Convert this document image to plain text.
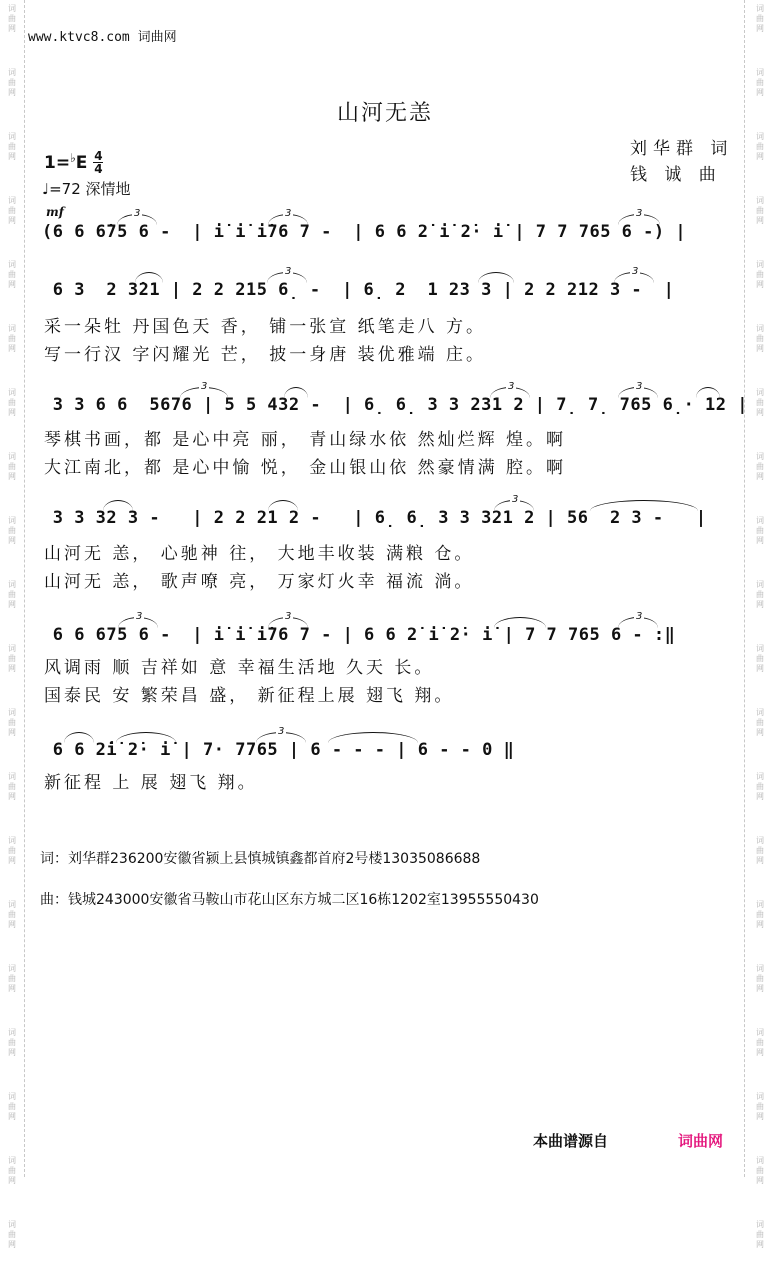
词
曲
网
词
曲
网
词
曲
网
词
曲
网
词
曲
网
词
曲
网
词
曲
网
词
曲
网
词
曲
网
词
曲
网
词
曲
网
词
曲
网
词
曲
网
词
曲
网
词
曲
网
词
曲
网
词
曲
网
词
曲
网
词
曲
网
词
曲
网
词
曲
网
词
曲
网
词
曲
网
词
曲
网
词
曲
网
词
曲
网
词
曲
网
词
曲
网
词
曲
网
词
曲
网
词
曲
网
词
曲
网
词
曲
网
词
曲
网
词
曲
网
词
曲
网
词
曲
网
词
曲
网
词
曲
网
词
曲
网
www.ktvc8.com 词曲网
山河无恙
刘华群 词
钱 诚 曲
1= ♭ E 4
4
♩=72 深情地
mf
(6 6 6̇75 6 -  | i̇ i̇ i̇76 7 -  | 6 6 2̇ i̇ 2̇· i̇ | 7 7 765 6 -) |
6 3  2 3̇21 | 2 2 215 6̣ -  | 6̣ 2  1 23 3 | 2 2 212 3 -  |
3 3 6 6  5676 | 5 5 432 -  | 6̣ 6̣ 3 3 231 2 | 7̣ 7̣ 765 6̣· 12 |
3 3 32 3 -   | 2 2 21 2 -   | 6̣ 6̣ 3 3 321 2 | 56  2 3 -   |
6 6 675 6 -  | i̇ i̇ i̇76 7 - | 6 6 2̇ i̇ 2̇· i̇ | 7 7 765 6 - :‖
6 6 2̇i̇ 2̇· i̇ | 7· 7765 | 6 - - - | 6 - - 0 ‖
3	3	3
3	3
3	3	3
3
3	3	3
3
采一朵牡 丹国色天 香， 铺一张宣 纸笔走八 方。
写一行汉 字闪耀光 芒， 披一身唐 装优雅端 庄。
琴棋书画，都 是心中亮 丽， 青山绿水依 然灿烂辉 煌。啊
大江南北，都 是心中愉 悦， 金山银山依 然豪情满 腔。啊
山河无 恙， 心驰神 往， 大地丰收装 满粮 仓。
山河无 恙， 歌声嘹 亮， 万家灯火幸 福流 淌。
风调雨 顺 吉祥如 意 幸福生活地 久天 长。
国泰民 安 繁荣昌 盛， 新征程上展 翅飞 翔。
新征程 上 展 翅飞 翔。
词：刘华群236200安徽省颍上县慎城镇鑫都首府2号楼13035086688
曲：钱城243000安徽省马鞍山市花山区东方城二区16栋1202室13955550430
本曲谱源自	词曲网
